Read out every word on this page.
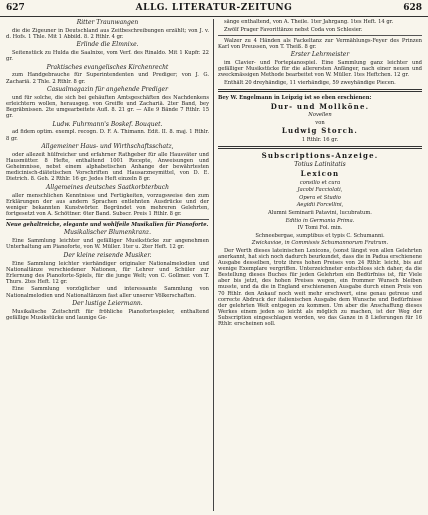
627	ALLG. LITERATUR-ZEITUNG	628
Ritter Traunwangen
die die Zigeuner in Deutschland aus Zeitbeschreibungen erzählt; von J. v. d. Hofs. 1 Thle. Mit 1 Abbild. 8. 2 Rthlr. 4 gr.
Erlinde die Elmnixe.
Seitenstück zu Hulda die Saalnixe, vom Verf. des Rinaldo. Mit 1 Kupfr. 22 gr.
Praktisches evangelisches Kirchenrecht
zum Handgebrauche für Superintendenten und Prediger; von J. G. Zachariä. 2 Thle. 2 Rthlr. 8 gr.
Casualmagazin für angehende Prediger
und für solche, die sich bei gehäuften Amtsgeschäften des Nachdenkens erleichtern wollen, herausgeg. von Greiffe und Zachariä. 2ter Band, bey Begräbnissen. 2te umgearbeitete Aufl. 8. 21 gr. — Alle 9 Bände 7 Rthlr. 15 gr.
Ludw. Fuhrmann's Boskef. Bouquet.
ad fidem optim. exempl. recogn. D. F. A. Thimann. Edit. II. 8. maj. 1 Rthlr. 8 gr.
Allgemeiner Haus- und Wirthschaftsschatz,
oder allezeit hülfreicher und erfahrner Rathgeber für alle Hausväter und Hausmütter. 8 Hefte, enthaltend 1001 Recepte, Anweisungen und Geheimnisse, nebst einem alphabetischen Anhange der bewährtesten medicinisch-diätetischen Vorschriften und Hausarzneymittel, von D. E. Dietrich. 8. Geh. 2 Rthlr. 16 gr. Jedes Heft einzeln 8 gr.
Allgemeines deutsches Saatkorbterbuch
aller menschlichen Kenntnisse und Fertigkeiten, vorzugsweise den zum Erklärungen der aus andern Sprachen entlehnten Ausdrücke und der weniger bekannten Kunstwörter. Begründet von mehreren Gelehrten, fortgesetzt von A. Schöttner. 6ter Band. Subscr. Preis 1 Rthlr. 8 gr.
Neue gehaltreiche, elegante und wohlfeile Musikalien für Pianoforte.
Musikalischer Blumenkranz.
Eine Sammlung leichter und gefälliger Musikstücke zur angenehmen Unterhaltung am Pianoforte, von W. Müller. 1ter u. 2ter Heft. 12 gr.
Der kleine reisende Musiker.
Eine Sammlung leichter vierhändiger originaler Nationalmelodien und Nationaltänze verschiedener Nationen, für Lehrer und Schüler zur Erlernung des Pianoforte-Spiels, für die junge Welt; von C. Gollmer. von T. Thurs. 2tes Heft. 12 gr.
Eine Sammlung vorzüglicher und interessante Sammlung von Nationalmelodien und Nationaltänzen fast aller unserer Völkerschaften.
Der lustige Leiermann.
Musikalische Zeitschrift für fröhliche Pianofortespieler, enthaltend gefällige Musikstücke und launige Ge-
sänge enthaltend, von A. Theile. 1ter Jahrgang. 1tes Heft. 14 gr.
Zwölf Prager Favorittänze nebst Coda von Schlesier.
Walzer zu 4 Händen als Fackeltanz zur Vermählungs-Feyer des Prinzen Karl von Preussen, von T. Theiß. 8 gr.
Erster Lehrmeister
im Clavier- und Fortepianospiel. Eine Sammlung ganz leichter und gefälliger Musikstücke für die allerersten Anfänger, nach einer neuen und zweckmässigen Methode bearbeitet von W. Müller. 1tes Heftchen. 12 gr.
Enthält 20 dreyhändige, 11 vierhändige, 59 zweyhändige Piecen.
Bey W. Engelmann in Leipzig ist so eben erschienen:
Dur- und Mollköne.
Novellen
von
Ludwig Storch.
1 Rthlr. 16 gr.
Subscriptions-Anzeige.
Totius Latinitatis
Lexicon
consilio et cura
Jacobi Facciolati,
Opera et Studio
Aegidii Forcellini,
Alumni Seminarii Patavini, lucubratum.
Editio in Germania Prima.
IV Tomi Fol. min.
Schneebergae, sumptibus et typis C. Schumanni.
Zwickaviae, in Commissis Schumannorum Fratrum.
Der Werth dieses lateinischen Lexicons, (sonst längst von allen Gelehrten anerkannt, hat sich noch dadurch beurkundet, dass die in Padua erschienene Ausgabe desselben, trotz ihres hohen Preises von 24 Rthlr. leicht, bis auf wenige Exemplare vergriffen. Unterzeichneter entschloss sich daher, da die Bestellung dieses Buches für jeden Gelehrten ein Bedürfniss ist, für Viele aber bis jetzt, des hohen Preises wegen, ein frommer Wunsch bleiben musste, und da die in England erschienenen Ausgabe durch einen Preis von 70 Rthlr. den Ankauf noch weit mehr erschwert, eine genau getreue und correcte Abdruck der italienischen Ausgabe dem Wunsche und Bedürfnisse der gelehrten Welt entgegen zu kommen. Um aber die Anschaffung dieses Werkes einem jeden so leicht als möglich zu machen, ist der Weg der Subscription eingeschlagen worden, wo das Ganze in 8 Lieferungen für 16 Rthlr. erscheinen soll.
